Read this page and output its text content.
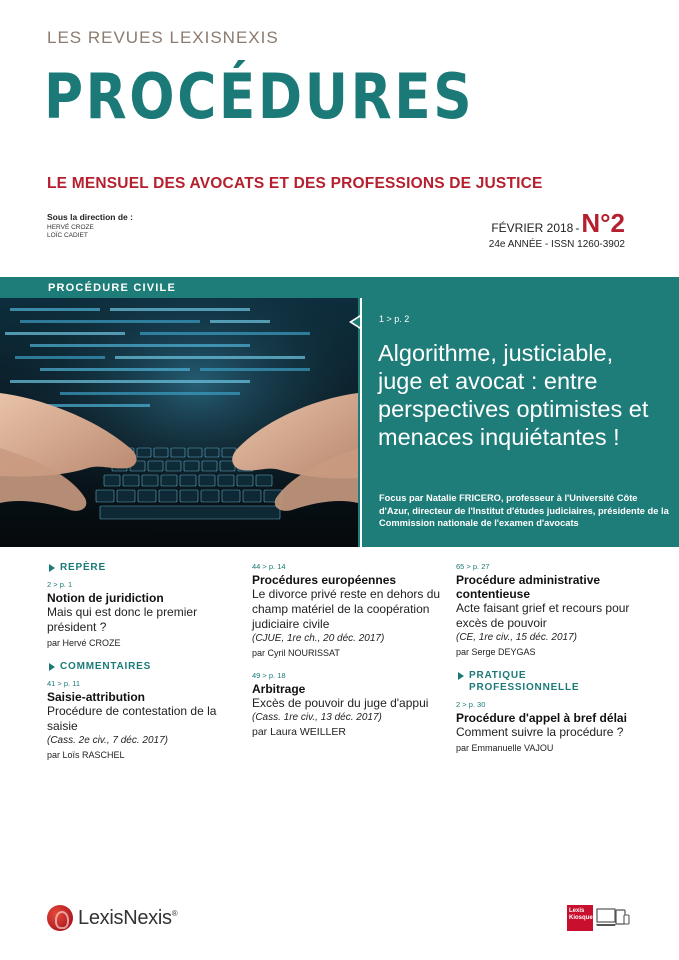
LES REVUES LEXISNEXIS
PROCÉDURES
LE MENSUEL DES AVOCATS ET DES PROFESSIONS DE JUSTICE
Sous la direction de :
HERVÉ CROZE
LOÏC CADIET
FÉVRIER 2018 - N°2
24e ANNÉE - ISSN 1260-3902
PROCÉDURE CIVILE
1 > p. 2
Algorithme, justiciable, juge et avocat : entre perspectives optimistes et menaces inquiétantes !
Focus par Natalie FRICERO, professeur à l'Université Côte d'Azur, directeur de l'Institut d'études judiciaires, présidente de la Commission nationale de l'examen d'avocats
REPÈRE
2 > p. 1
Notion de juridiction
Mais qui est donc le premier président ?
par Hervé CROZE
COMMENTAIRES
41 > p. 11
Saisie-attribution
Procédure de contestation de la saisie
(Cass. 2e civ., 7 déc. 2017)
par Loïs RASCHEL
44 > p. 14
Procédures européennes
Le divorce privé reste en dehors du champ matériel de la coopération judiciaire civile
(CJUE, 1re ch., 20 déc. 2017)
par Cyril NOURISSAT
49 > p. 18
Arbitrage
Excès de pouvoir du juge d'appui
(Cass. 1re civ., 13 déc. 2017)
par Laura WEILLER
65 > p. 27
Procédure administrative contentieuse
Acte faisant grief et recours pour excès de pouvoir
(CE, 1re civ., 15 déc. 2017)
par Serge DEYGAS
PRATIQUE PROFESSIONNELLE
2 > p. 30
Procédure d'appel à bref délai
Comment suivre la procédure ?
par Emmanuelle VAJOU
LexisNexis ®	Lexis Kiosque
